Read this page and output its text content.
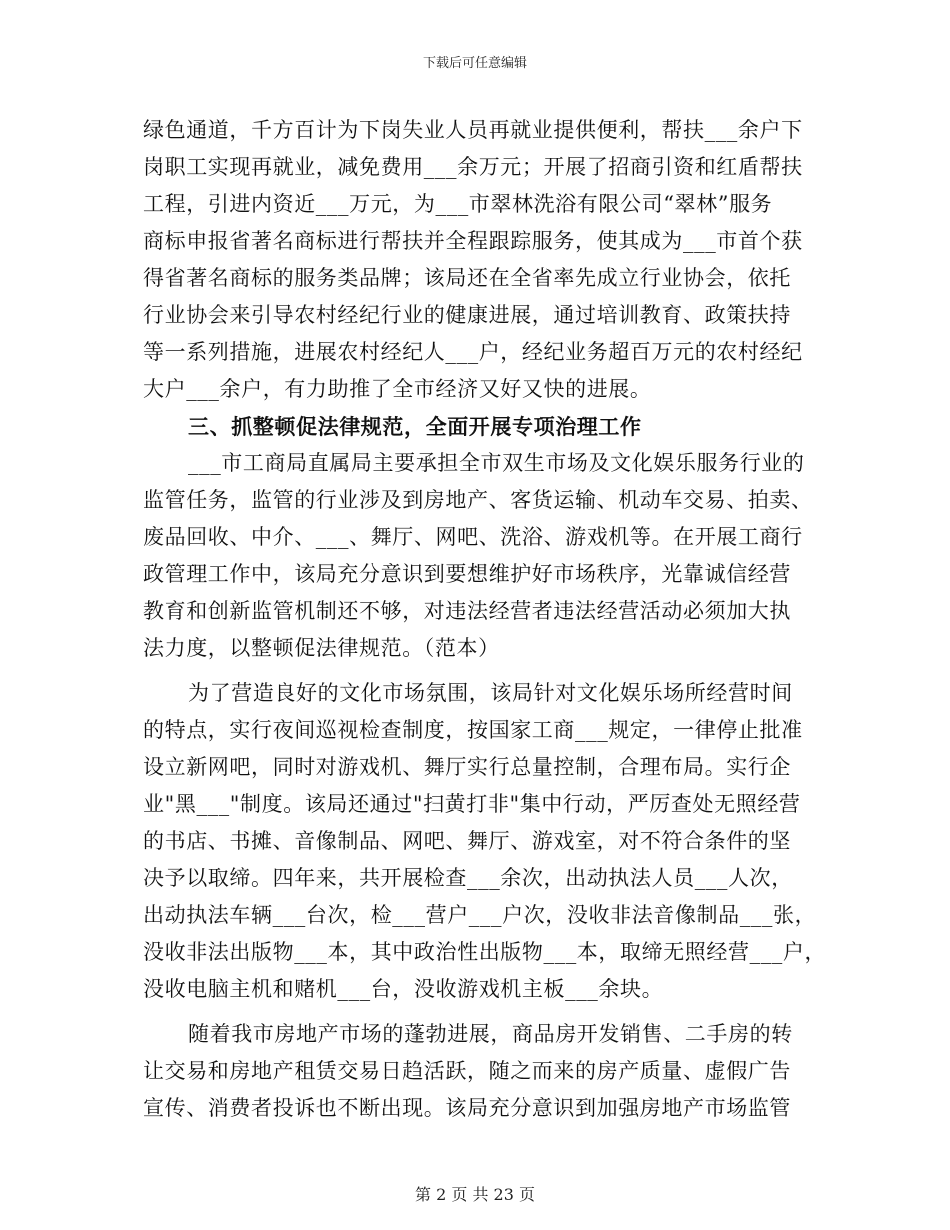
下载后可任意编辑
绿色通道，千方百计为下岗失业人员再就业提供便利，帮扶___余户下
岗职工实现再就业，减免费用___余万元；开展了招商引资和红盾帮扶
工程，引进内资近___万元，为___市翠林洗浴有限公司“翠林”服务
商标申报省著名商标进行帮扶并全程跟踪服务，使其成为___市首个获
得省著名商标的服务类品牌；该局还在全省率先成立行业协会，依托
行业协会来引导农村经纪行业的健康进展，通过培训教育、政策扶持
等一系列措施，进展农村经纪人___户，经纪业务超百万元的农村经纪
大户___余户，有力助推了全市经济又好又快的进展。
三、抓整顿促法律规范，全面开展专项治理工作
___市工商局直属局主要承担全市双生市场及文化娱乐服务行业的
监管任务，监管的行业涉及到房地产、客货运输、机动车交易、拍卖、
废品回收、中介、___、舞厅、网吧、洗浴、游戏机等。在开展工商行
政管理工作中，该局充分意识到要想维护好市场秩序，光靠诚信经营
教育和创新监管机制还不够，对违法经营者违法经营活动必须加大执
法力度，以整顿促法律规范。（范本）
为了营造良好的文化市场氛围，该局针对文化娱乐场所经营时间
的特点，实行夜间巡视检查制度，按国家工商___规定，一律停止批准
设立新网吧，同时对游戏机、舞厅实行总量控制，合理布局。实行企
业"黑___"制度。该局还通过"扫黄打非"集中行动，严厉查处无照经营
的书店、书摊、音像制品、网吧、舞厅、游戏室，对不符合条件的坚
决予以取缔。四年来，共开展检查___余次，出动执法人员___人次，
出动执法车辆___台次，检___营户___户次，没收非法音像制品___张，
没收非法出版物___本，其中政治性出版物___本，取缔无照经营___户，
没收电脑主机和赌机___台，没收游戏机主板___余块。
随着我市房地产市场的蓬勃进展，商品房开发销售、二手房的转
让交易和房地产租赁交易日趋活跃，随之而来的房产质量、虚假广告
宣传、消费者投诉也不断出现。该局充分意识到加强房地产市场监管
第 2 页 共 23 页
